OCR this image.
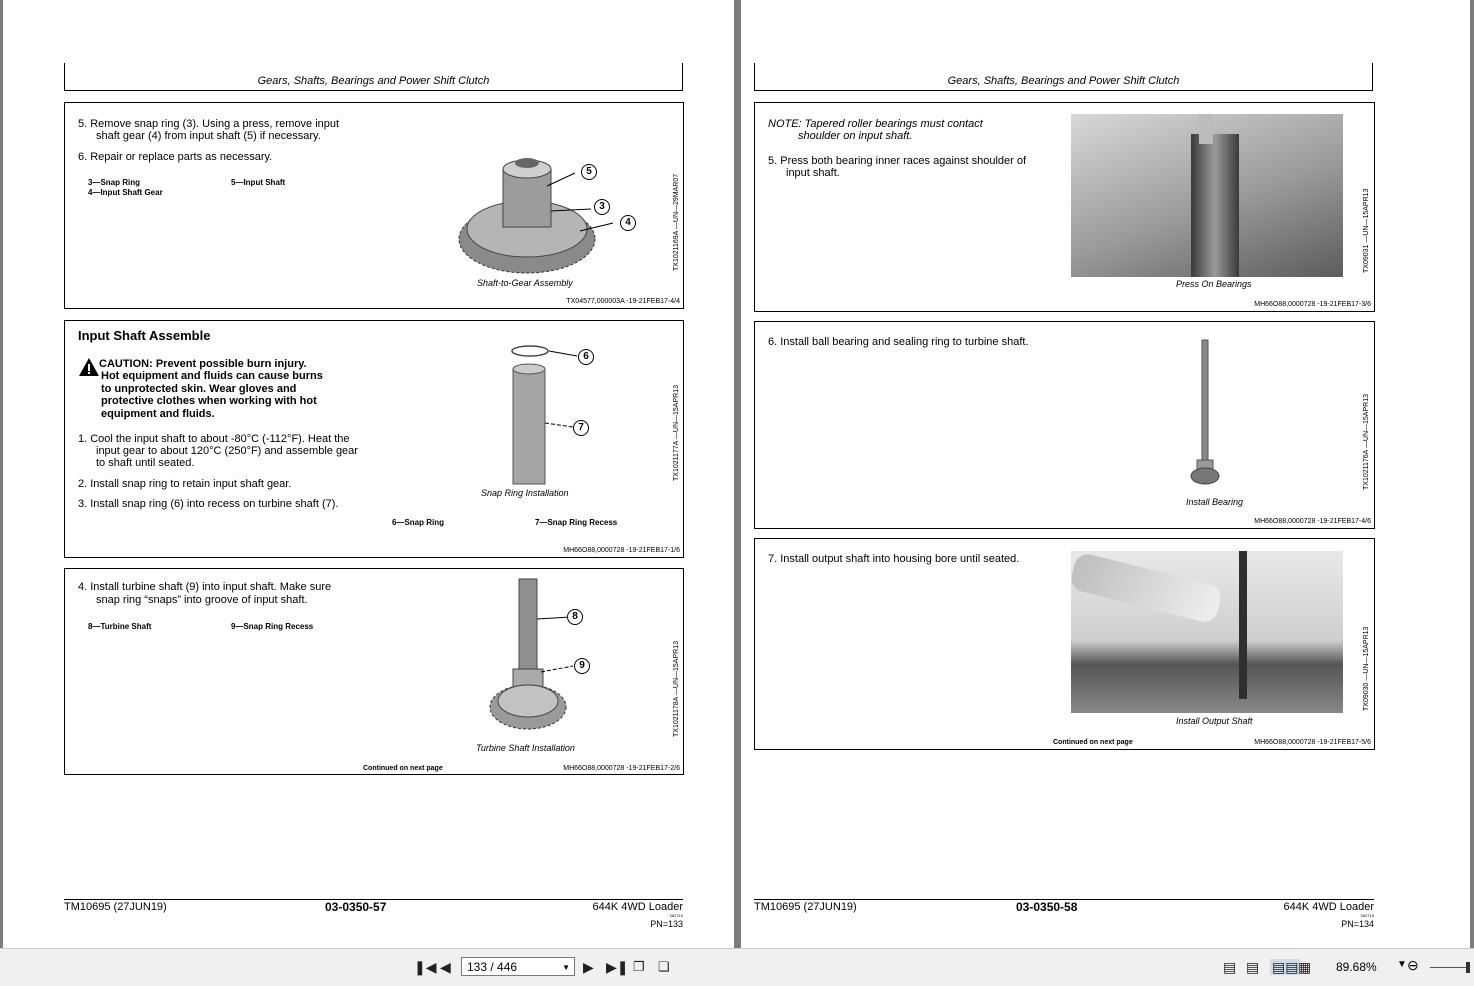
Gears, Shafts, Bearings and Power Shift Clutch
5. Remove snap ring (3). Using a press, remove input
shaft gear (4) from input shaft (5) if necessary.
6. Repair or replace parts as necessary.
3—Snap Ring
4—Input Shaft Gear
5—Input Shaft
5
3
4
Shaft-to-Gear Assembly
TX1021169A —UN—29MAR07
TX04577,000003A -19-21FEB17-4/4
Input Shaft Assemble
CAUTION: Prevent possible burn injury.
Hot equipment and fluids can cause burns
to unprotected skin. Wear gloves and
protective clothes when working with hot
equipment and fluids.
1. Cool the input shaft to about -80°C (-112°F). Heat the
input gear to about 120°C (250°F) and assemble gear
to shaft until seated.
2. Install snap ring to retain input shaft gear.
3. Install snap ring (6) into recess on turbine shaft (7).
6—Snap Ring	7—Snap Ring Recess
6
7
Snap Ring Installation
TX1021177A —UN—15APR13
MH66O88,0000728 -19-21FEB17-1/6
4. Install turbine shaft (9) into input shaft. Make sure
snap ring “snaps” into groove of input shaft.
8—Turbine Shaft	9—Snap Ring Recess
8
9
Turbine Shaft Installation
TX1021178A —UN—15APR13
Continued on next page	MH66O88,0000728 -19-21FEB17-2/6
TM10695 (27JUN19)	03-0350-57	644K 4WD Loader
062719
PN=133
Gears, Shafts, Bearings and Power Shift Clutch
NOTE: Tapered roller bearings must contact
shoulder on input shaft.
5. Press both bearing inner races against shoulder of
input shaft.
Press On Bearings
TX09031 —UN—15APR13
MH66O88,0000728 -19-21FEB17-3/6
6. Install ball bearing and sealing ring to turbine shaft.
Install Bearing
TX1021176A —UN—15APR13
MH66O88,0000728 -19-21FEB17-4/6
7. Install output shaft into housing bore until seated.
Install Output Shaft
TX09030 —UN—15APR13
Continued on next page	MH66O88,0000728 -19-21FEB17-5/6
TM10695 (27JUN19)	03-0350-58	644K 4WD Loader
062719
PN=134
❚◀ ◀	133 / 446	▼ ▶ ▶❚ ❐ ❏	▤ ▤ ▤▤ ▦ 89.68% ▼ ⊖
